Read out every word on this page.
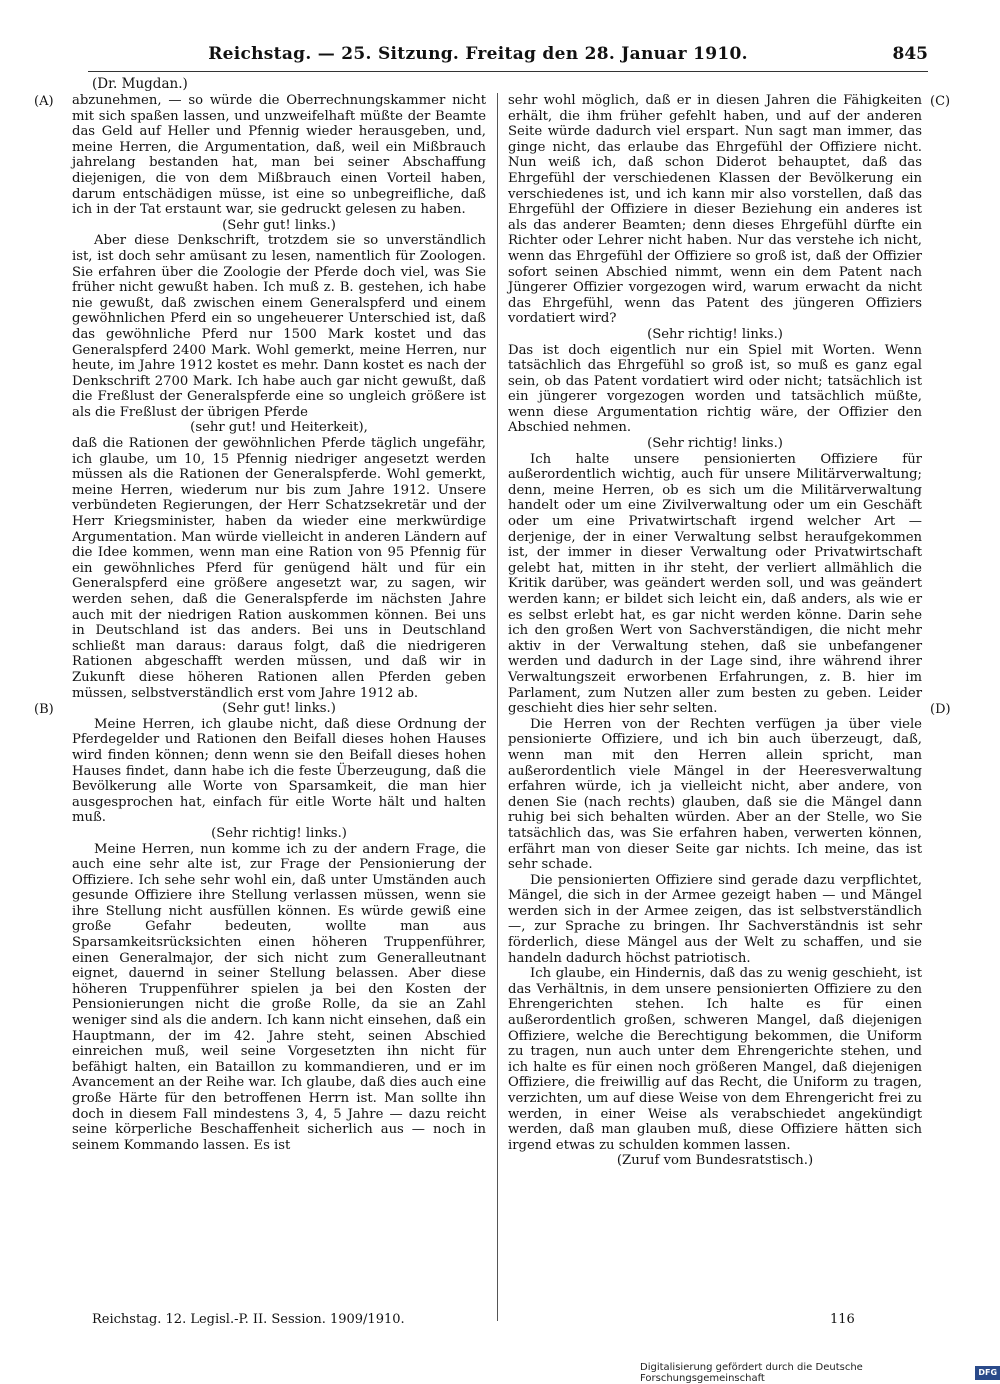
Reichstag. — 25. Sitzung. Freitag den 28. Januar 1910.	845
(Dr. Mugdan.)
(A)
(B)
(C)
(D)

abzunehmen, — so würde die Oberrechnungskammer nicht mit sich spaßen lassen, und unzweifelhaft müßte der Beamte das Geld auf Heller und Pfennig wieder herausgeben, und, meine Herren, die Argumentation, daß, weil ein Mißbrauch jahrelang bestanden hat, man bei seiner Abschaffung diejenigen, die von dem Mißbrauch einen Vorteil haben, darum entschädigen müsse, ist eine so unbegreifliche, daß ich in der Tat erstaunt war, sie gedruckt gelesen zu haben.

(Sehr gut! links.)

Aber diese Denkschrift, trotzdem sie so unverständlich ist, ist doch sehr amüsant zu lesen, namentlich für Zoologen. Sie erfahren über die Zoologie der Pferde doch viel, was Sie früher nicht gewußt haben. Ich muß z. B. gestehen, ich habe nie gewußt, daß zwischen einem Generalspferd und einem gewöhnlichen Pferd ein so ungeheuerer Unterschied ist, daß das gewöhnliche Pferd nur 1500 Mark kostet und das Generalspferd 2400 Mark. Wohl gemerkt, meine Herren, nur heute, im Jahre 1912 kostet es mehr. Dann kostet es nach der Denkschrift 2700 Mark. Ich habe auch gar nicht gewußt, daß die Freßlust der Generalspferde eine so ungleich größere ist als die Freßlust der übrigen Pferde

(sehr gut! und Heiterkeit),

daß die Rationen der gewöhnlichen Pferde täglich ungefähr, ich glaube, um 10, 15 Pfennig niedriger angesetzt werden müssen als die Rationen der Generalspferde. Wohl gemerkt, meine Herren, wiederum nur bis zum Jahre 1912. Unsere verbündeten Regierungen, der Herr Schatzsekretär und der Herr Kriegsminister, haben da wieder eine merkwürdige Argumentation. Man würde vielleicht in anderen Ländern auf die Idee kommen, wenn man eine Ration von 95 Pfennig für ein gewöhnliches Pferd für genügend hält und für ein Generalspferd eine größere angesetzt war, zu sagen, wir werden sehen, daß die Generalspferde im nächsten Jahre auch mit der niedrigen Ration auskommen können. Bei uns in Deutschland ist das anders. Bei uns in Deutschland schließt man daraus: daraus folgt, daß die niedrigeren Rationen abgeschafft werden müssen, und daß wir in Zukunft diese höheren Rationen allen Pferden geben müssen, selbstverständlich erst vom Jahre 1912 ab.

(Sehr gut! links.)

Meine Herren, ich glaube nicht, daß diese Ordnung der Pferdegelder und Rationen den Beifall dieses hohen Hauses wird finden können; denn wenn sie den Beifall dieses hohen Hauses findet, dann habe ich die feste Überzeugung, daß die Bevölkerung alle Worte von Sparsamkeit, die man hier ausgesprochen hat, einfach für eitle Worte hält und halten muß.

(Sehr richtig! links.)

Meine Herren, nun komme ich zu der andern Frage, die auch eine sehr alte ist, zur Frage der Pensionierung der Offiziere. Ich sehe sehr wohl ein, daß unter Umständen auch gesunde Offiziere ihre Stellung verlassen müssen, wenn sie ihre Stellung nicht ausfüllen können. Es würde gewiß eine große Gefahr bedeuten, wollte man aus Sparsamkeitsrücksichten einen höheren Truppenführer, einen Generalmajor, der sich nicht zum Generalleutnant eignet, dauernd in seiner Stellung belassen. Aber diese höheren Truppenführer spielen ja bei den Kosten der Pensionierungen nicht die große Rolle, da sie an Zahl weniger sind als die andern. Ich kann nicht einsehen, daß ein Hauptmann, der im 42. Jahre steht, seinen Abschied einreichen muß, weil seine Vorgesetzten ihn nicht für befähigt halten, ein Bataillon zu kommandieren, und er im Avancement an der Reihe war. Ich glaube, daß dies auch eine große Härte für den betroffenen Herrn ist. Man sollte ihn doch in diesem Fall mindestens 3, 4, 5 Jahre — dazu reicht seine körperliche Beschaffenheit sicherlich aus — noch in seinem Kommando lassen. Es ist

sehr wohl möglich, daß er in diesen Jahren die Fähigkeiten erhält, die ihm früher gefehlt haben, und auf der anderen Seite würde dadurch viel erspart. Nun sagt man immer, das ginge nicht, das erlaube das Ehrgefühl der Offiziere nicht. Nun weiß ich, daß schon Diderot behauptet, daß das Ehrgefühl der verschiedenen Klassen der Bevölkerung ein verschiedenes ist, und ich kann mir also vorstellen, daß das Ehrgefühl der Offiziere in dieser Beziehung ein anderes ist als das anderer Beamten; denn dieses Ehrgefühl dürfte ein Richter oder Lehrer nicht haben. Nur das verstehe ich nicht, wenn das Ehrgefühl der Offiziere so groß ist, daß der Offizier sofort seinen Abschied nimmt, wenn ein dem Patent nach Jüngerer Offizier vorgezogen wird, warum erwacht da nicht das Ehrgefühl, wenn das Patent des jüngeren Offiziers vordatiert wird?

(Sehr richtig! links.)

Das ist doch eigentlich nur ein Spiel mit Worten. Wenn tatsächlich das Ehrgefühl so groß ist, so muß es ganz egal sein, ob das Patent vordatiert wird oder nicht; tatsächlich ist ein jüngerer vorgezogen worden und tatsächlich müßte, wenn diese Argumentation richtig wäre, der Offizier den Abschied nehmen.

(Sehr richtig! links.)

Ich halte unsere pensionierten Offiziere für außerordentlich wichtig, auch für unsere Militärverwaltung; denn, meine Herren, ob es sich um die Militärverwaltung handelt oder um eine Zivilverwaltung oder um ein Geschäft oder um eine Privatwirtschaft irgend welcher Art — derjenige, der in einer Verwaltung selbst heraufgekommen ist, der immer in dieser Verwaltung oder Privatwirtschaft gelebt hat, mitten in ihr steht, der verliert allmählich die Kritik darüber, was geändert werden soll, und was geändert werden kann; er bildet sich leicht ein, daß anders, als wie er es selbst erlebt hat, es gar nicht werden könne. Darin sehe ich den großen Wert von Sachverständigen, die nicht mehr aktiv in der Verwaltung stehen, daß sie unbefangener werden und dadurch in der Lage sind, ihre während ihrer Verwaltungszeit erworbenen Erfahrungen, z. B. hier im Parlament, zum Nutzen aller zum besten zu geben. Leider geschieht dies hier sehr selten.

Die Herren von der Rechten verfügen ja über viele pensionierte Offiziere, und ich bin auch überzeugt, daß, wenn man mit den Herren allein spricht, man außerordentlich viele Mängel in der Heeresverwaltung erfahren würde, ich ja vielleicht nicht, aber andere, von denen Sie (nach rechts) glauben, daß sie die Mängel dann ruhig bei sich behalten würden. Aber an der Stelle, wo Sie tatsächlich das, was Sie erfahren haben, verwerten können, erfährt man von dieser Seite gar nichts. Ich meine, das ist sehr schade.

Die pensionierten Offiziere sind gerade dazu verpflichtet, Mängel, die sich in der Armee gezeigt haben — und Mängel werden sich in der Armee zeigen, das ist selbstverständlich —, zur Sprache zu bringen. Ihr Sachverständnis ist sehr förderlich, diese Mängel aus der Welt zu schaffen, und sie handeln dadurch höchst patriotisch.

Ich glaube, ein Hindernis, daß das zu wenig geschieht, ist das Verhältnis, in dem unsere pensionierten Offiziere zu den Ehrengerichten stehen. Ich halte es für einen außerordentlich großen, schweren Mangel, daß diejenigen Offiziere, welche die Berechtigung bekommen, die Uniform zu tragen, nun auch unter dem Ehrengerichte stehen, und ich halte es für einen noch größeren Mangel, daß diejenigen Offiziere, die freiwillig auf das Recht, die Uniform zu tragen, verzichten, um auf diese Weise von dem Ehrengericht frei zu werden, in einer Weise als verabschiedet angekündigt werden, daß man glauben muß, diese Offiziere hätten sich irgend etwas zu schulden kommen lassen.

(Zuruf vom Bundesratstisch.)

Reichstag. 12. Legisl.-P. II. Session. 1909/1910.	116
Digitalisierung gefördert durch die Deutsche Forschungsgemeinschaft
DFG
